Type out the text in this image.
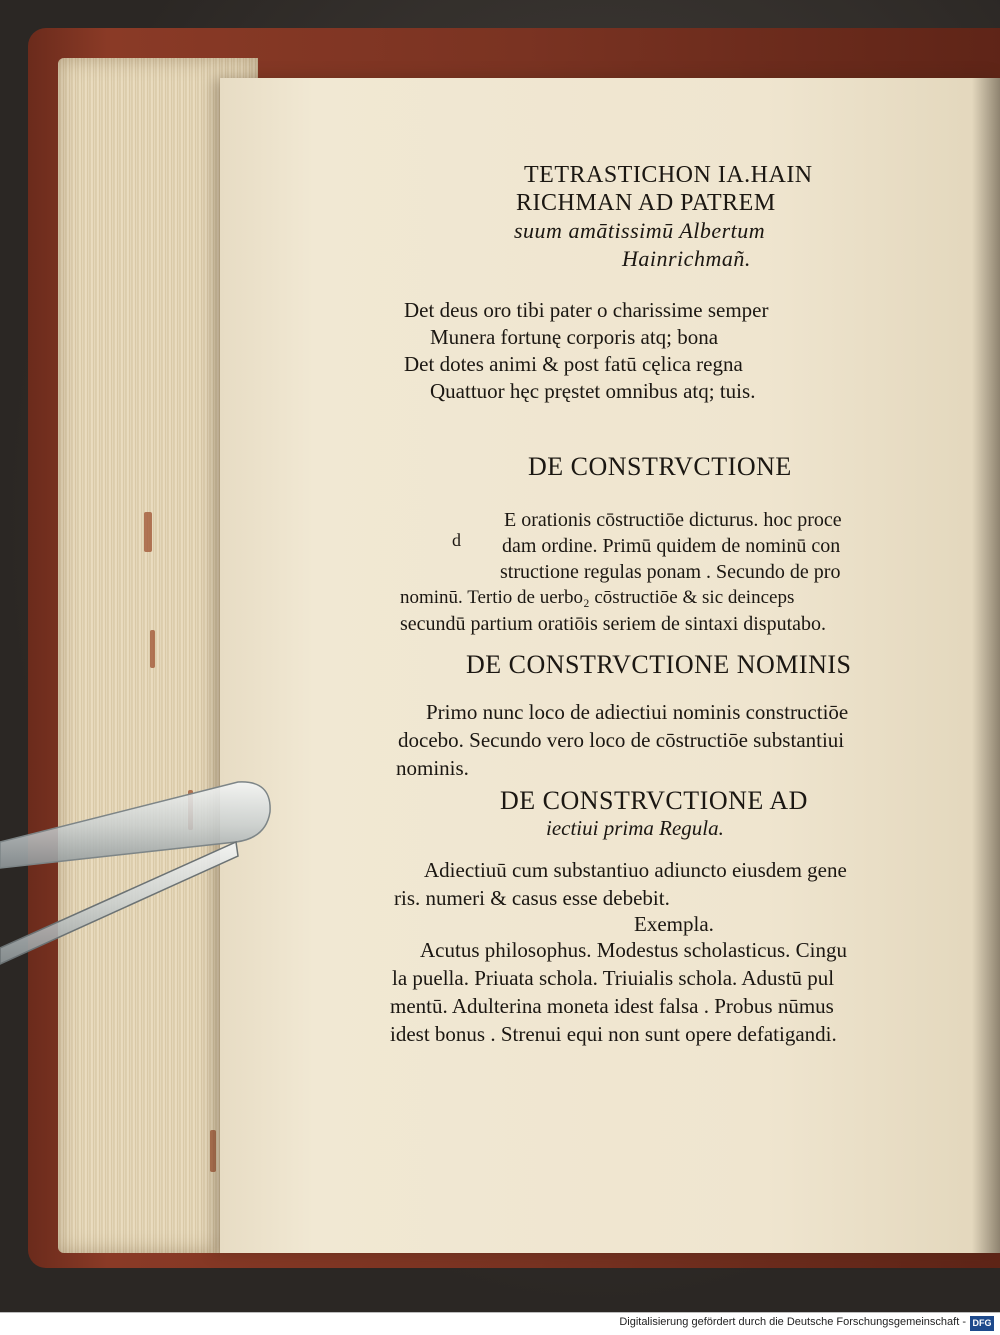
TETRASTICHON IA.HAIN
RICHMAN AD PATREM
suum amātissimū Albertum
Hainrichmañ.
Det deus oro tibi pater o charissime semper
Munera fortunę corporis atq; bona
Det dotes animi & post fatū cęlica regna
Quattuor hęc pręstet omnibus atq; tuis.
DE CONSTRVCTIONE
d
E orationis cōstructiōe dicturus. hoc proce
dam ordine. Primū quidem de nominū con
structione regulas ponam . Secundo de pro
nominū. Tertio de uerbo₂ cōstructiōe & sic deinceps
secundū partium oratiōis seriem de sintaxi disputabo.
DE CONSTRVCTIONE NOMINIS
Primo nunc loco de adiectiui nominis constructiōe
docebo. Secundo vero loco de cōstructiōe substantiui
nominis.
DE CONSTRVCTIONE AD
iectiui prima Regula.
Adiectiuū cum substantiuo adiuncto eiusdem gene
ris. numeri & casus esse debebit.
Exempla.
Acutus philosophus. Modestus scholasticus. Cingu
la puella. Priuata schola. Triuialis schola. Adustū pul
mentū. Adulterina moneta idest falsa . Probus nūmus
idest bonus . Strenui equi non sunt opere defatigandi.
Digitalisierung gefördert durch die Deutsche Forschungsgemeinschaft - DFG
